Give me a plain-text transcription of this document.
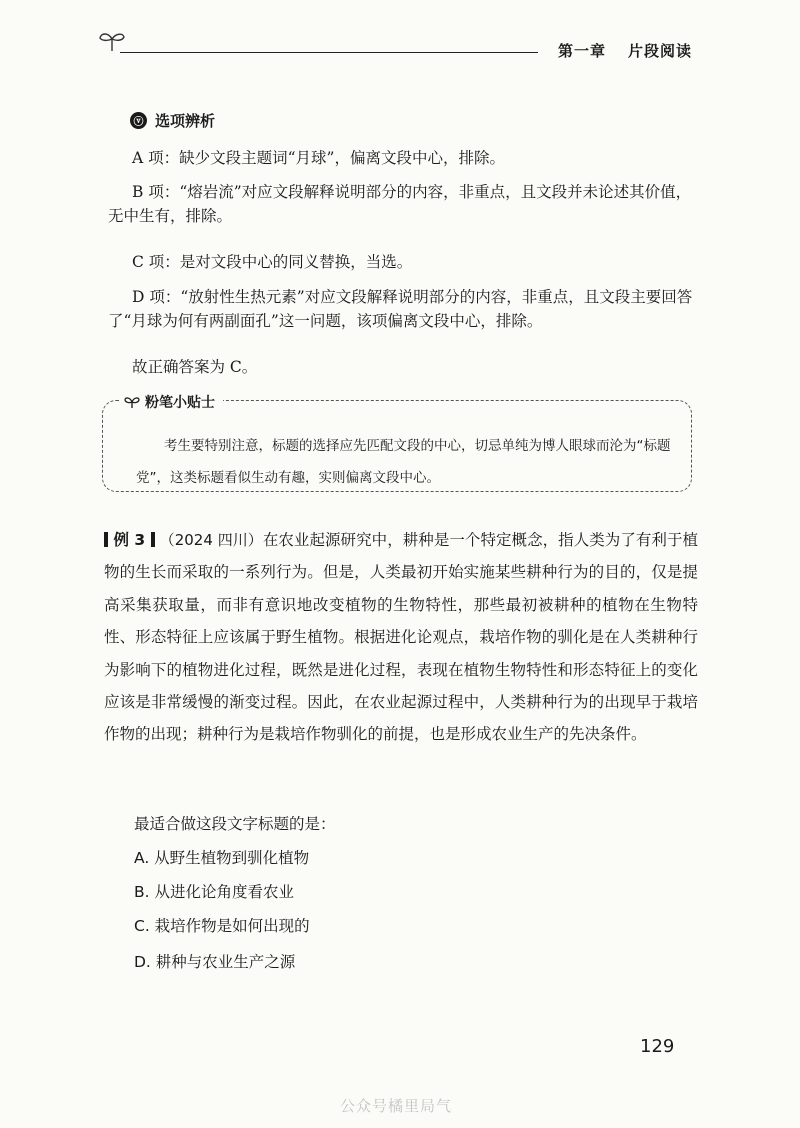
第一章 片段阅读
ⓥ 选项辨析
A 项：缺少文段主题词“月球”，偏离文段中心，排除。
B 项：“熔岩流”对应文段解释说明部分的内容，非重点，且文段并未论述其价值，无中生有，排除。
C 项：是对文段中心的同义替换，当选。
D 项：“放射性生热元素”对应文段解释说明部分的内容，非重点，且文段主要回答了“月球为何有两副面孔”这一问题，该项偏离文段中心，排除。
故正确答案为 C。
粉笔小贴士
考生要特别注意，标题的选择应先匹配文段的中心，切忌单纯为博人眼球而沦为“标题党”，这类标题看似生动有趣，实则偏离文段中心。
例 3 （2024 四川）在农业起源研究中，耕种是一个特定概念，指人类为了有利于植物的生长而采取的一系列行为。但是，人类最初开始实施某些耕种行为的目的，仅是提高采集获取量，而非有意识地改变植物的生物特性，那些最初被耕种的植物在生物特性、形态特征上应该属于野生植物。根据进化论观点，栽培作物的驯化是在人类耕种行为影响下的植物进化过程，既然是进化过程，表现在植物生物特性和形态特征上的变化应该是非常缓慢的渐变过程。因此，在农业起源过程中，人类耕种行为的出现早于栽培作物的出现；耕种行为是栽培作物驯化的前提，也是形成农业生产的先决条件。
最适合做这段文字标题的是：
A. 从野生植物到驯化植物
B. 从进化论角度看农业
C. 栽培作物是如何出现的
D. 耕种与农业生产之源
129
公众号橘里局气
